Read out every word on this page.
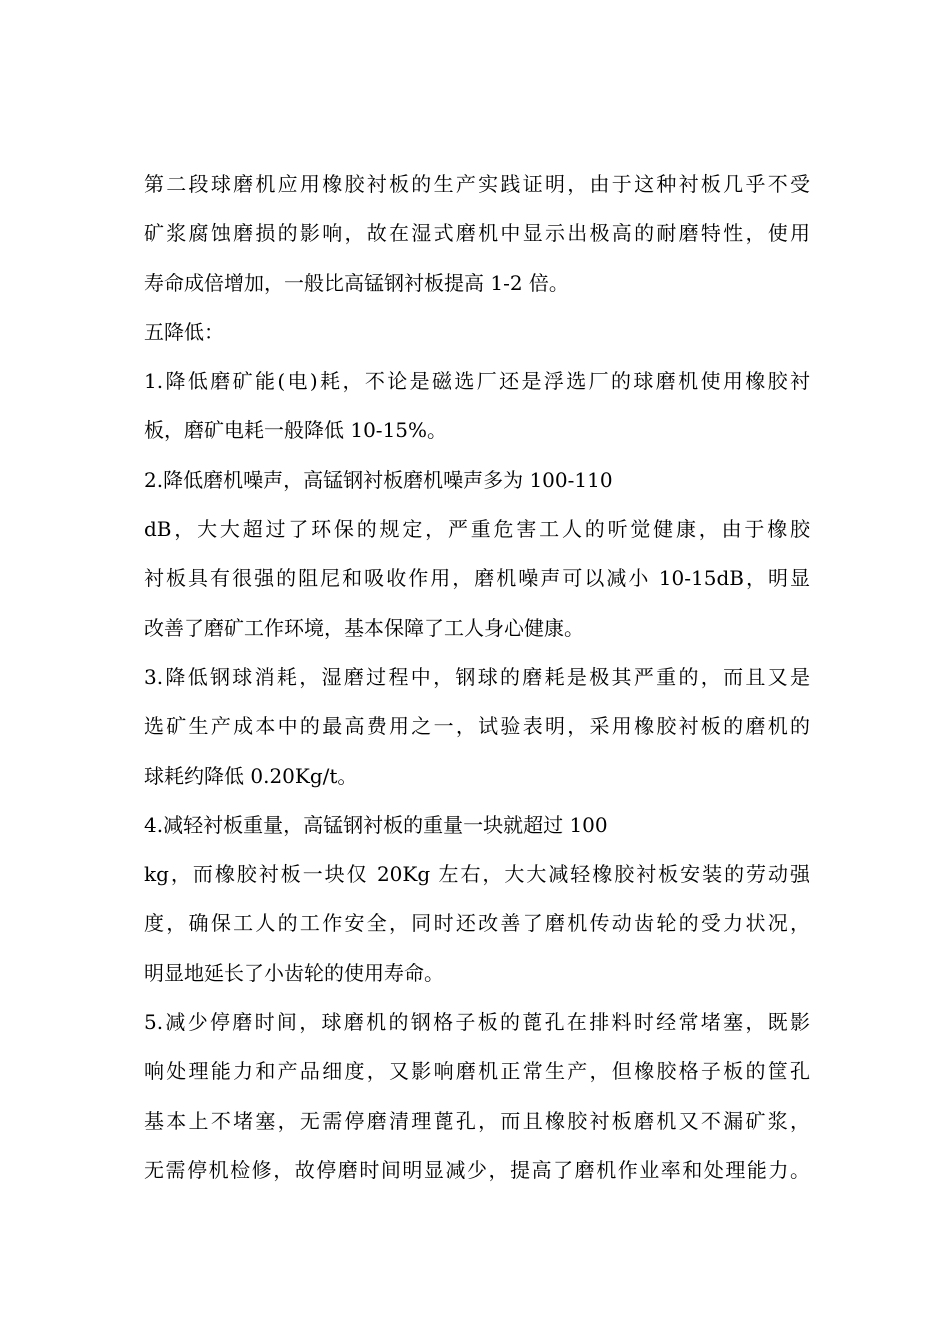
第二段球磨机应用橡胶衬板的生产实践证明，由于这种衬板几乎不受
矿浆腐蚀磨损的影响，故在湿式磨机中显示出极高的耐磨特性，使用
寿命成倍增加，一般比高锰钢衬板提高 1-2 倍。
五降低：
1.降低磨矿能(电)耗，不论是磁选厂还是浮选厂的球磨机使用橡胶衬
板，磨矿电耗一般降低 10-15%。
2.降低磨机噪声，高锰钢衬板磨机噪声多为 100-110
dB，大大超过了环保的规定，严重危害工人的听觉健康，由于橡胶
衬板具有很强的阻尼和吸收作用，磨机噪声可以减小 10-15dB，明显
改善了磨矿工作环境，基本保障了工人身心健康。
3.降低钢球消耗，湿磨过程中，钢球的磨耗是极其严重的，而且又是
选矿生产成本中的最高费用之一，试验表明，采用橡胶衬板的磨机的
球耗约降低 0.20Kg/t。
4.减轻衬板重量，高锰钢衬板的重量一块就超过 100
kg，而橡胶衬板一块仅 20Kg 左右，大大减轻橡胶衬板安装的劳动强
度，确保工人的工作安全，同时还改善了磨机传动齿轮的受力状况，
明显地延长了小齿轮的使用寿命。
5.减少停磨时间，球磨机的钢格子板的蓖孔在排料时经常堵塞，既影
响处理能力和产品细度，又影响磨机正常生产，但橡胶格子板的筐孔
基本上不堵塞，无需停磨清理蓖孔，而且橡胶衬板磨机又不漏矿浆，
无需停机检修，故停磨时间明显减少，提高了磨机作业率和处理能力。
